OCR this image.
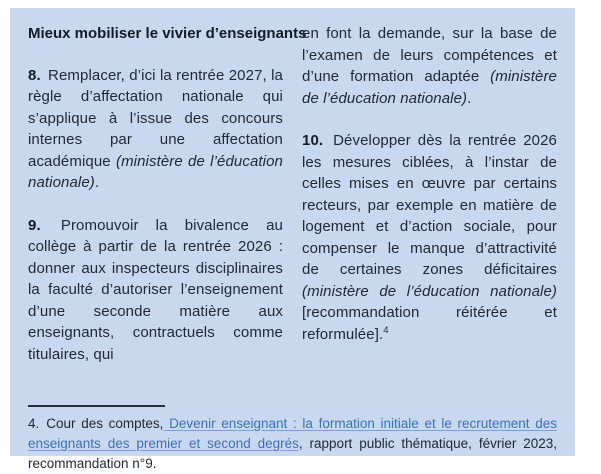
Mieux mobiliser le vivier d’enseignants

8. Remplacer, d’ici la rentrée 2027, la règle d’affectation nationale qui s’applique à l’issue des concours internes par une affectation académique (ministère de l’éducation nationale).

9. Promouvoir la bivalence au collège à partir de la rentrée 2026 : donner aux inspecteurs disciplinaires la faculté d’autoriser l’enseignement d’une seconde matière aux enseignants, contractuels comme titulaires, qui

en font la demande, sur la base de l’examen de leurs compétences et d’une formation adaptée (ministère de l’éducation nationale).

10. Développer dès la rentrée 2026 les mesures ciblées, à l’instar de celles mises en œuvre par certains recteurs, par exemple en matière de logement et d’action sociale, pour compenser le manque d’attractivité de certaines zones déficitaires (ministère de l’éducation nationale) [recommandation réitérée et reformulée].$^4$

4. Cour des comptes, Devenir enseignant : la formation initiale et le recrutement des enseignants des premier et second degrés, rapport public thématique, février 2023, recommandation n°9.
